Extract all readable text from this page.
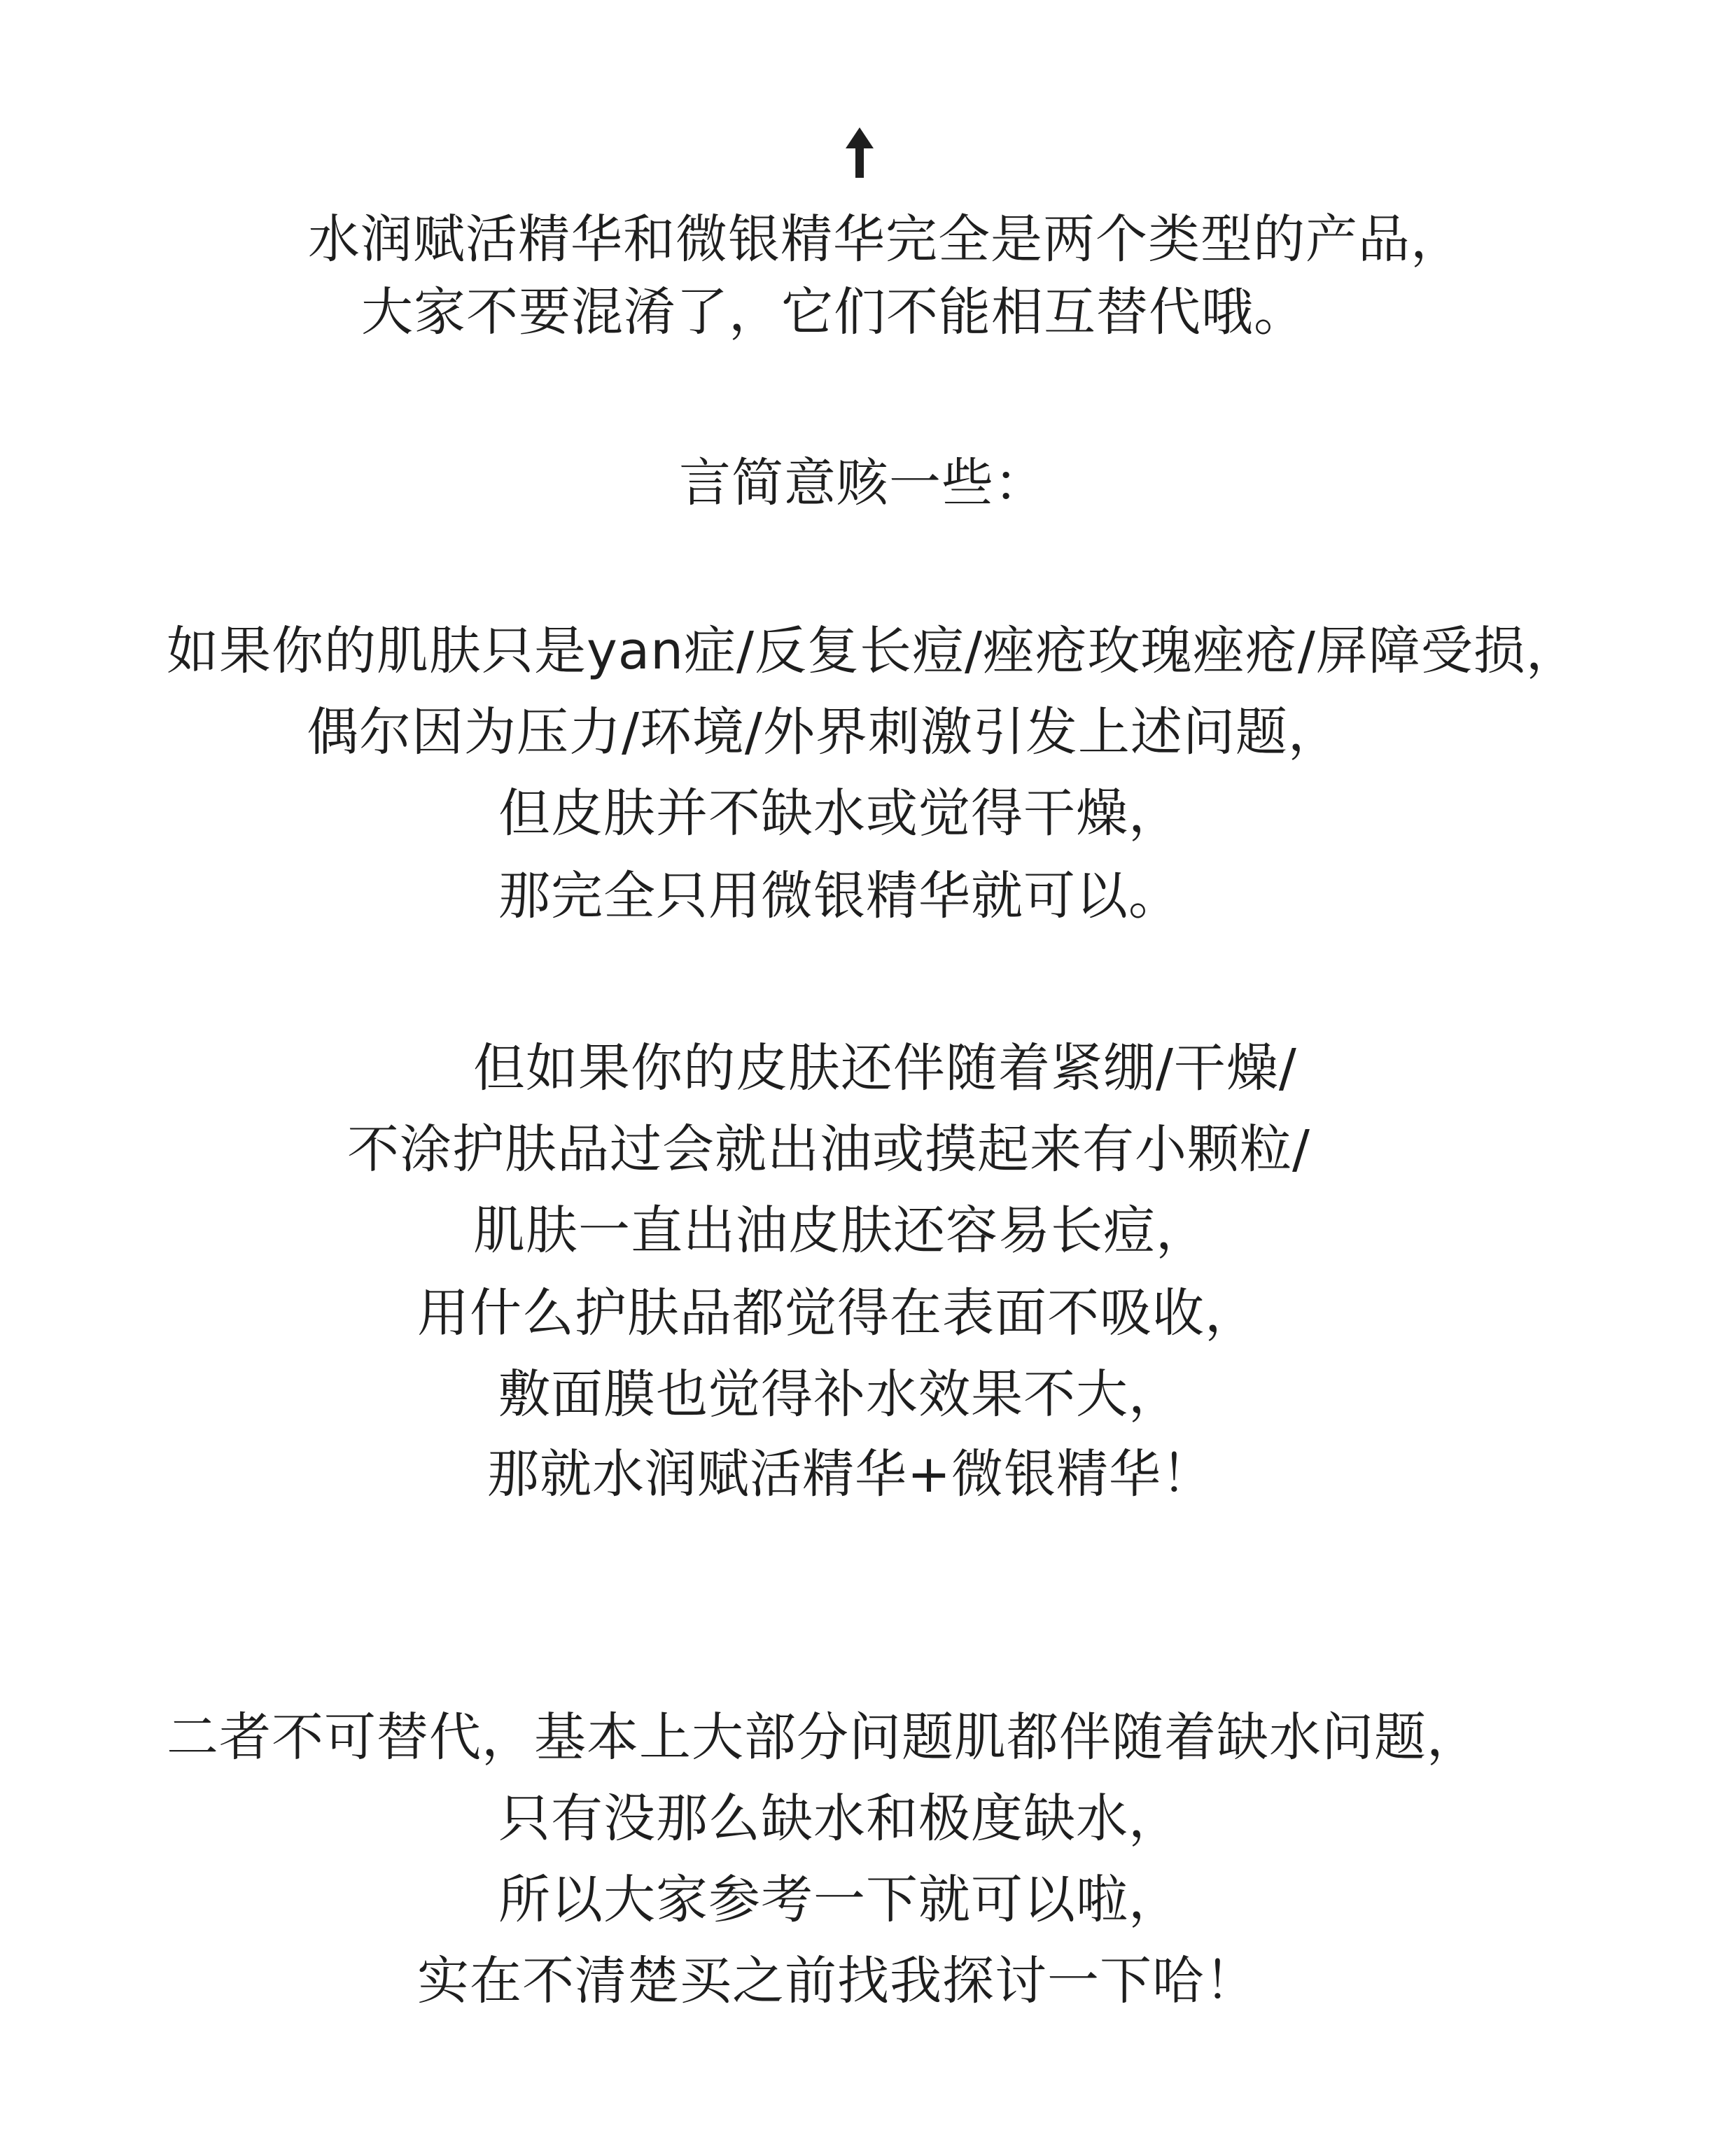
水润赋活精华和微银精华完全是两个类型的产品，
大家不要混淆了，它们不能相互替代哦。
言简意赅一些：
如果你的肌肤只是yan症/反复长痘/痤疮玫瑰痤疮/屏障受损，
偶尔因为压力/环境/外界刺激引发上述问题，
但皮肤并不缺水或觉得干燥，
那完全只用微银精华就可以。
但如果你的皮肤还伴随着紧绷/干燥/
不涂护肤品过会就出油或摸起来有小颗粒/
肌肤一直出油皮肤还容易长痘，
用什么护肤品都觉得在表面不吸收，
敷面膜也觉得补水效果不大，
那就水润赋活精华+微银精华！
二者不可替代，基本上大部分问题肌都伴随着缺水问题，
只有没那么缺水和极度缺水，
所以大家参考一下就可以啦，
实在不清楚买之前找我探讨一下哈！
